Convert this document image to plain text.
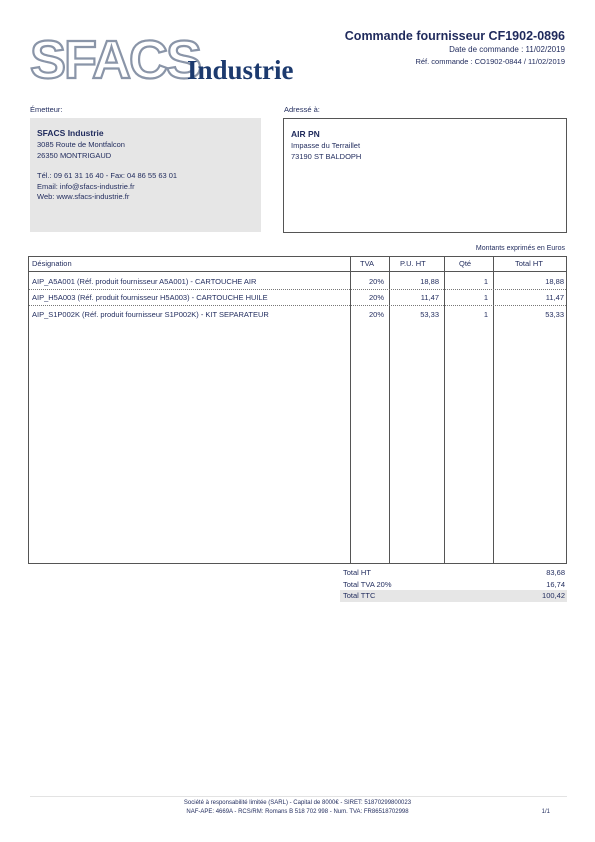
SFACS
Industrie
Commande fournisseur CF1902-0896
Date de commande : 11/02/2019
Réf. commande : CO1902-0844 / 11/02/2019
Émetteur:	Adressé à:
SFACS Industrie
3085 Route de Montfalcon
26350 MONTRIGAUD
Tél.: 09 61 31 16 40 - Fax: 04 86 55 63 01
Email: info@sfacs-industrie.fr
Web: www.sfacs-industrie.fr
AIR PN
Impasse du Terraillet
73190 ST BALDOPH
Montants exprimés en Euros
Désignation	TVA	P.U. HT	Qté	Total HT
AIP_A5A001 (Réf. produit fournisseur A5A001) - CARTOUCHE AIR	20%	18,88	1	18,88
AIP_H5A003 (Réf. produit fournisseur H5A003) - CARTOUCHE HUILE	20%	11,47	1	11,47
AIP_S1P002K (Réf. produit fournisseur S1P002K) - KIT SEPARATEUR	20%	53,33	1	53,33
Total HT	83,68
Total TVA 20%	16,74
Total TTC	100,42
Société à responsabilité limitée (SARL) - Capital de 8000€ - SIRET: 51870299800023
NAF-APE: 4669A - RCS/RM: Romans B 518 702 998 - Num. TVA: FR86518702998	1/1
